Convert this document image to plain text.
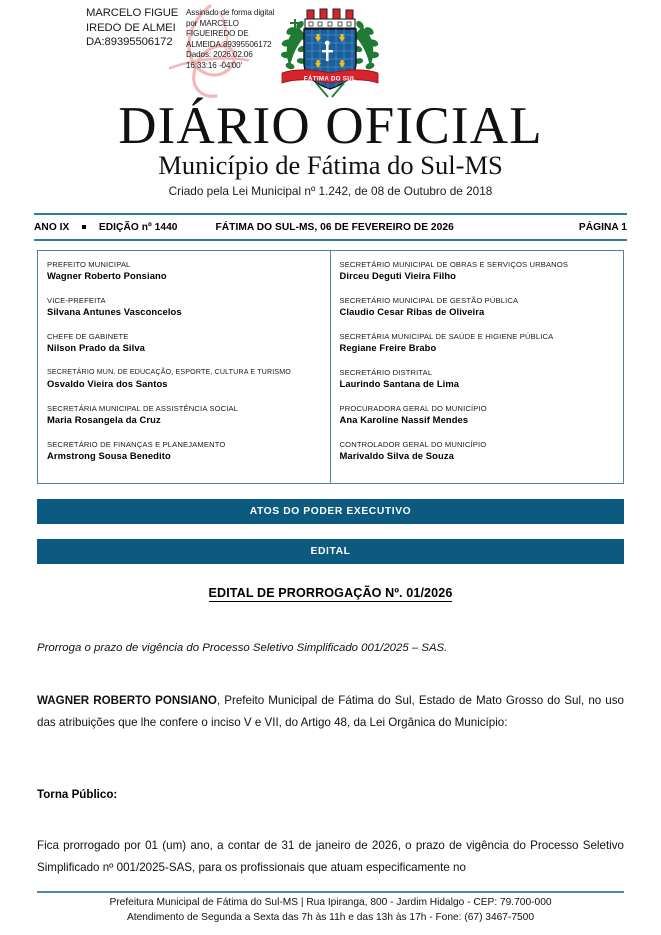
MARCELO FIGUEIREDO DE ALMEIDA:89395506172
Assinado de forma digital por MARCELO FIGUEIREDO DE ALMEIDA:89395506172 Dados: 2026.02.06 16:33:16 -04'00'
FÁTIMA DO SUL
DIÁRIO OFICIAL
Município de Fátima do Sul-MS
Criado pela Lei Municipal nº 1.242, de 08 de Outubro de 2018
ANO IX	EDIÇÃO nº 1440	FÁTIMA DO SUL-MS, 06 DE FEVEREIRO DE 2026	PÁGINA 1
PREFEITO MUNICIPAL
Wagner Roberto Ponsiano
VICE-PREFEITA
Silvana Antunes Vasconcelos
CHEFE DE GABINETE
Nilson Prado da Silva
SECRETÁRIO MUN. DE EDUCAÇÃO, ESPORTE, CULTURA E TURISMO
Osvaldo Vieira dos Santos
SECRETÁRIA MUNICIPAL DE ASSISTÊNCIA SOCIAL
Maria Rosangela da Cruz
SECRETÁRIO DE FINANÇAS E PLANEJAMENTO
Armstrong Sousa Benedito
SECRETÁRIO MUNICIPAL DE OBRAS E SERVIÇOS URBANOS
Dirceu Deguti Vieira Filho
SECRETÁRIO MUNICIPAL DE GESTÃO PÚBLICA
Claudio Cesar Ribas de Oliveira
SECRETÁRIA MUNICIPAL DE SAÚDE E HIGIENE PÚBLICA
Regiane Freire Brabo
SECRETÁRIO DISTRITAL
Laurindo Santana de Lima
PROCURADORA GERAL DO MUNICÍPIO
Ana Karoline Nassif Mendes
CONTROLADOR GERAL DO MUNICÍPIO
Marivaldo Silva de Souza
ATOS DO PODER EXECUTIVO
EDITAL
EDITAL DE PRORROGAÇÃO Nº. 01/2026
Prorroga o prazo de vigência do Processo Seletivo Simplificado 001/2025 – SAS.
WAGNER ROBERTO PONSIANO, Prefeito Municipal de Fátima do Sul, Estado de Mato Grosso do Sul, no uso das atribuições que lhe confere o inciso V e VII, do Artigo 48, da Lei Orgânica do Município:
Torna Público:
Fica prorrogado por 01 (um) ano, a contar de 31 de janeiro de 2026, o prazo de vigência do Processo Seletivo Simplificado nº 001/2025-SAS, para os profissionais que atuam especificamente no
Prefeitura Municipal de Fátima do Sul-MS | Rua Ipiranga, 800 - Jardim Hidalgo - CEP: 79.700-000
Atendimento de Segunda a Sexta das 7h às 11h e das 13h às 17h - Fone: (67) 3467-7500
